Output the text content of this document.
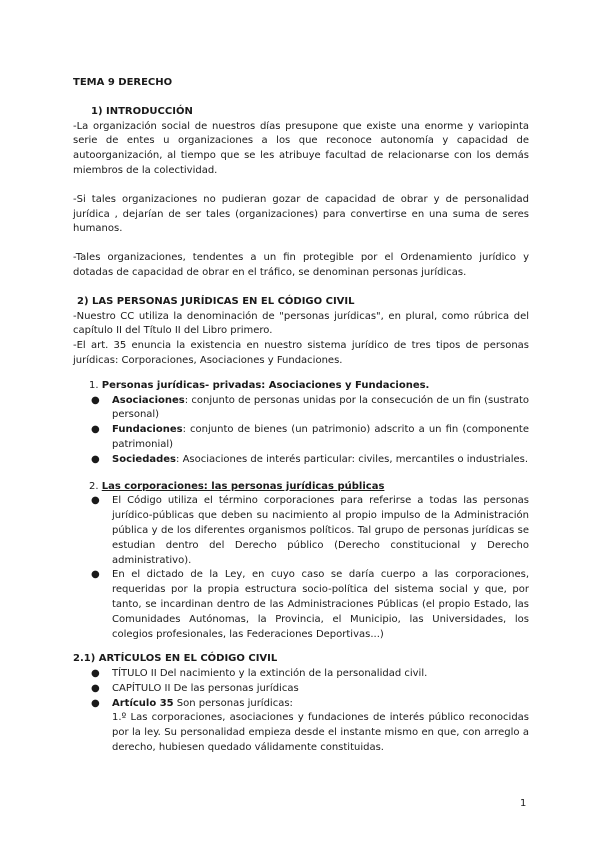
TEMA 9 DERECHO

1) INTRODUCCIÓN

-La organización social de nuestros días presupone que existe una enorme y variopinta serie de entes u organizaciones a los que reconoce autonomía y capacidad de autoorganización, al tiempo que se les atribuye facultad de relacionarse con los demás miembros de la colectividad.

-Si tales organizaciones no pudieran gozar de capacidad de obrar y de personalidad jurídica , dejarían de ser tales (organizaciones) para convertirse en una suma de seres humanos.

-Tales organizaciones, tendentes a un fin protegible por el Ordenamiento jurídico y dotadas de capacidad de obrar en el tráfico, se denominan personas jurídicas.

2) LAS PERSONAS JURÍDICAS EN EL CÓDIGO CIVIL

-Nuestro CC utiliza la denominación de "personas jurídicas", en plural, como rúbrica del capítulo II del Título II del Libro primero.

-El art. 35 enuncia la existencia en nuestro sistema jurídico de tres tipos de personas jurídicas: Corporaciones, Asociaciones y Fundaciones.

1. Personas jurídicas- privadas: Asociaciones y Fundaciones.

● Asociaciones: conjunto de personas unidas por la consecución de un fin (sustrato personal)
● Fundaciones: conjunto de bienes (un patrimonio) adscrito a un fin (componente patrimonial)
● Sociedades: Asociaciones de interés particular: civiles, mercantiles o industriales.

2. Las corporaciones: las personas jurídicas públicas

● El Código utiliza el término corporaciones para referirse a todas las personas jurídico-públicas que deben su nacimiento al propio impulso de la Administración pública y de los diferentes organismos políticos. Tal grupo de personas jurídicas se estudian dentro del Derecho público (Derecho constitucional y Derecho administrativo).
● En el dictado de la Ley, en cuyo caso se daría cuerpo a las corporaciones, requeridas por la propia estructura socio-política del sistema social y que, por tanto, se incardinan dentro de las Administraciones Públicas (el propio Estado, las Comunidades Autónomas, la Provincia, el Municipio, las Universidades, los colegios profesionales, las Federaciones Deportivas...)

2.1) ARTÍCULOS EN EL CÓDIGO CIVIL

● TÍTULO II Del nacimiento y la extinción de la personalidad civil.
● CAPÍTULO II De las personas jurídicas
● Artículo 35 Son personas jurídicas:

1.º Las corporaciones, asociaciones y fundaciones de interés público reconocidas por la ley. Su personalidad empieza desde el instante mismo en que, con arreglo a derecho, hubiesen quedado válidamente constituidas.

1
